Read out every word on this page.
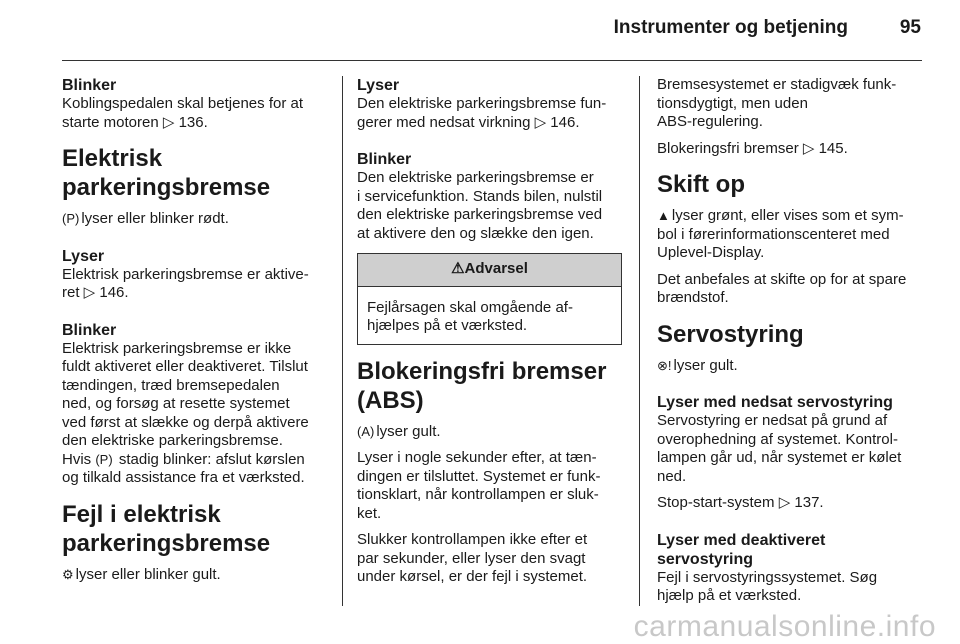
Instrumenter og betjening	95

Blinker

Koblingspedalen skal betjenes for at
starte motoren ▷ 136.

Elektrisk
parkeringsbremse

(P) lyser eller blinker rødt.

Lyser

Elektrisk parkeringsbremse er aktive-
ret ▷ 146.

Blinker

Elektrisk parkeringsbremse er ikke
fuldt aktiveret eller deaktiveret. Tilslut
tændingen, træd bremsepedalen
ned, og forsøg at resette systemet
ved først at slække og derpå aktivere
den elektriske parkeringsbremse.

Hvis (P) stadig blinker: afslut kørslen
og tilkald assistance fra et værksted.

Fejl i elektrisk
parkeringsbremse

⚙ lyser eller blinker gult.

Lyser

Den elektriske parkeringsbremse fun-
gerer med nedsat virkning ▷ 146.

Blinker

Den elektriske parkeringsbremse er
i servicefunktion. Stands bilen, nulstil
den elektriske parkeringsbremse ved
at aktivere den og slække den igen.

⚠Advarsel
Fejlårsagen skal omgående af-
hjælpes på et værksted.
Blokeringsfri bremser
(ABS)

(A) lyser gult.

Lyser i nogle sekunder efter, at tæn-
dingen er tilsluttet. Systemet er funk-
tionsklart, når kontrollampen er sluk-
ket.

Slukker kontrollampen ikke efter et
par sekunder, eller lyser den svagt
under kørsel, er der fejl i systemet.

Bremsesystemet er stadigvæk funk-
tionsdygtigt, men uden
ABS-regulering.

Blokeringsfri bremser ▷ 145.

Skift op

▲ lyser grønt, eller vises som et sym-
bol i førerinformationscenteret med
Uplevel-Display.

Det anbefales at skifte op for at spare
brændstof.

Servostyring

⊗! lyser gult.

Lyser med nedsat servostyring

Servostyring er nedsat på grund af
overophedning af systemet. Kontrol-
lampen går ud, når systemet er kølet
ned.

Stop-start-system ▷ 137.

Lyser med deaktiveret
servostyring

Fejl i servostyringssystemet. Søg
hjælp på et værksted.

carmanualsonline.info
